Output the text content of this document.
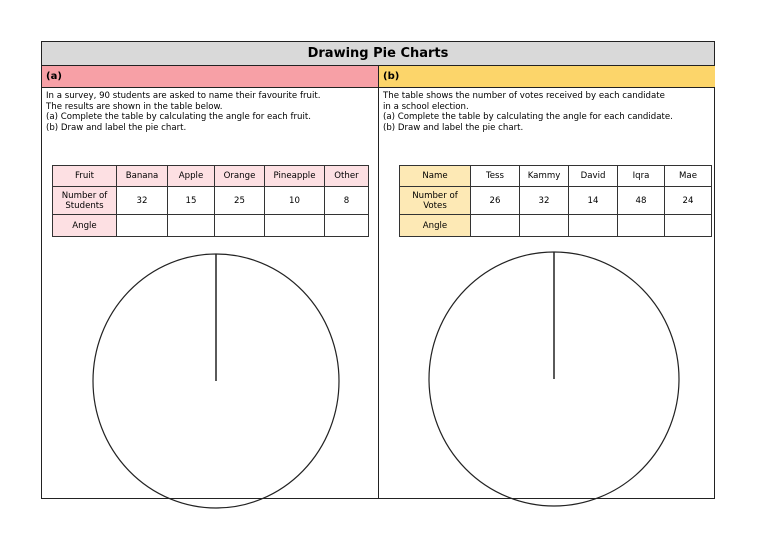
Drawing Pie Charts
(a)
In a survey, 90 students are asked to name their favourite fruit.
The results are shown in the table below.
(a) Complete the table by calculating the angle for each fruit.
(b) Draw and label the pie chart.
Fruit	Banana	Apple	Orange	Pineapple	Other
Number of Students	32	15	25	10	8
Angle					
(b)
The table shows the number of votes received by each candidate
in a school election.
(a) Complete the table by calculating the angle for each candidate.
(b) Draw and label the pie chart.
Name	Tess	Kammy	David	Iqra	Mae
Number of Votes	26	32	14	48	24
Angle					
